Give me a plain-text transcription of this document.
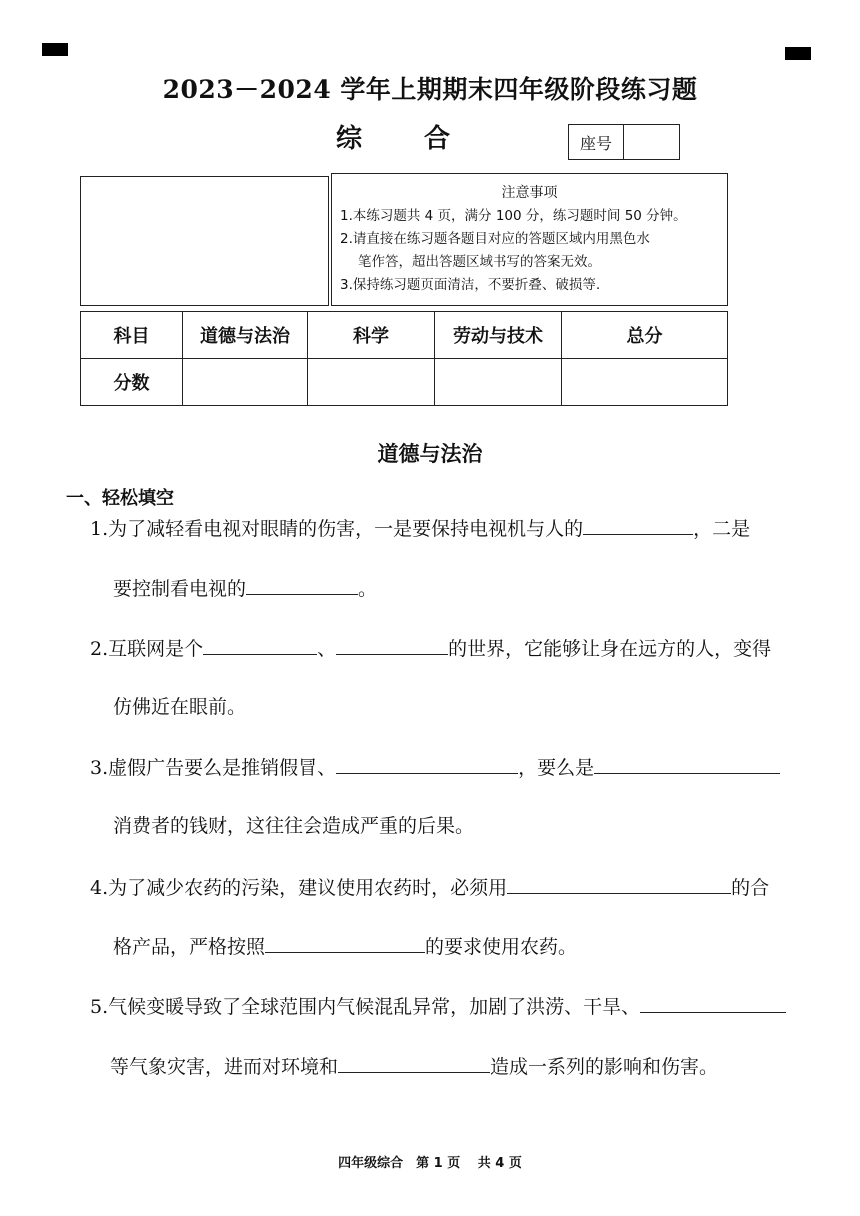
2023－2024 学年上期期末四年级阶段练习题
综合	座号
注意事项
1.本练习题共 4 页，满分 100 分，练习题时间 50 分钟。
2.请直接在练习题各题目对应的答题区域内用黑色水
笔作答，超出答题区域书写的答案无效。
3.保持练习题页面清洁，不要折叠、破损等.
科目	道德与法治	科学	劳动与技术	总分
分数				
道德与法治
一、轻松填空
1.为了减轻看电视对眼睛的伤害，一是要保持电视机与人的	，二是
要控制看电视的	。
2.互联网是个	、	的世界，它能够让身在远方的人，变得
仿佛近在眼前。
3.虚假广告要么是推销假冒、	，要么是
消费者的钱财，这往往会造成严重的后果。
4.为了减少农药的污染，建议使用农药时，必须用	的合
格产品，严格按照	的要求使用农药。
5.气候变暖导致了全球范围内气候混乱异常，加剧了洪涝、干旱、
等气象灾害，进而对环境和	造成一系列的影响和伤害。
四年级综合　第 1 页　 共 4 页
